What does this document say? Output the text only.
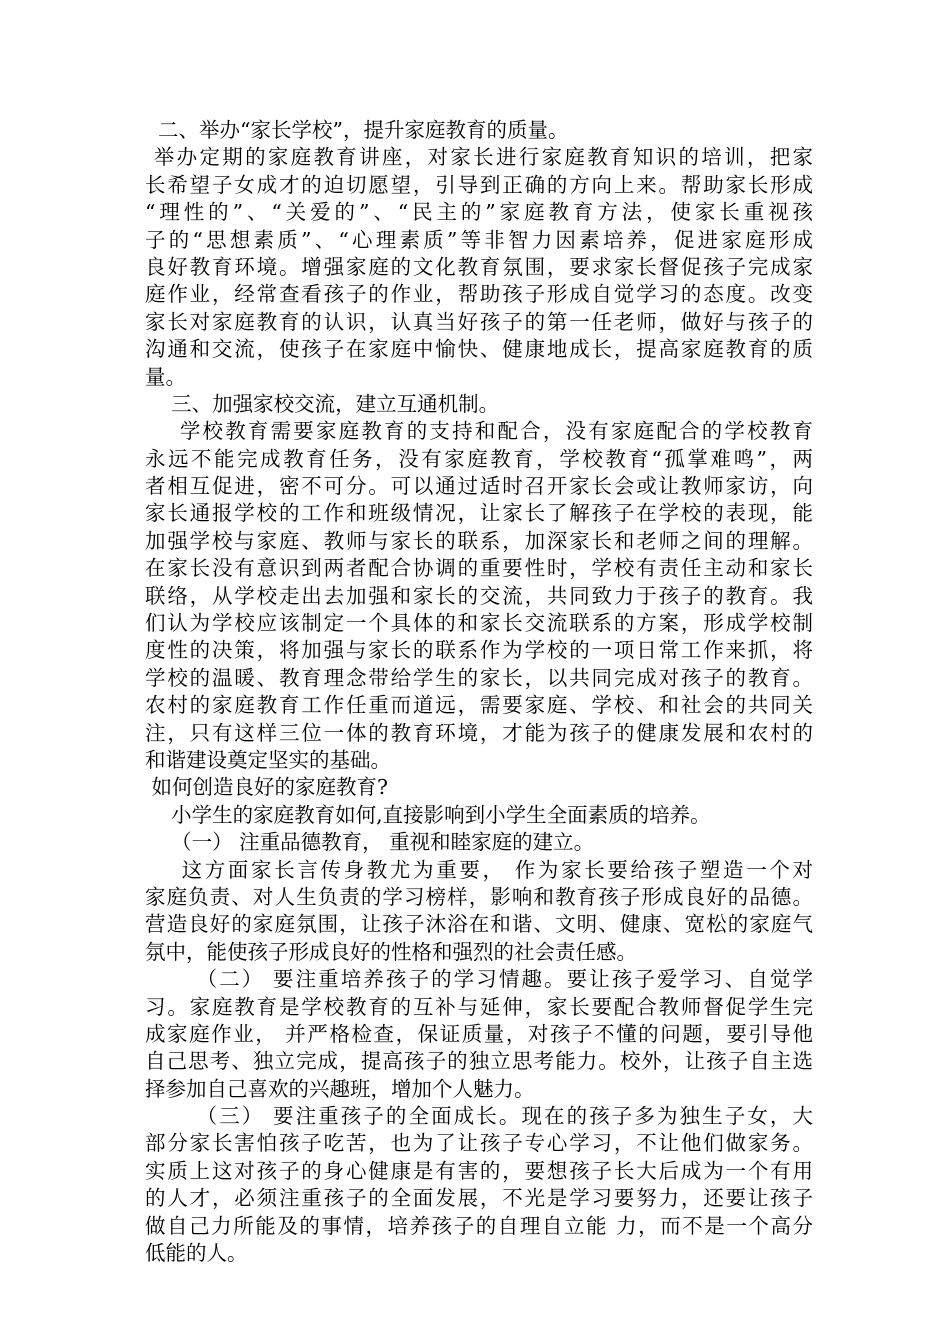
二、举办“家长学校”，提升家庭教育的质量。
举办定期的家庭教育讲座，对家长进行家庭教育知识的培训，把家
长希望子女成才的迫切愿望，引导到正确的方向上来。帮助家长形成
“理性的”、“关爱的”、“民主的”家庭教育方法，使家长重视孩
子的“思想素质”、“心理素质”等非智力因素培养，促进家庭形成
良好教育环境。增强家庭的文化教育氛围，要求家长督促孩子完成家
庭作业，经常查看孩子的作业，帮助孩子形成自觉学习的态度。改变
家长对家庭教育的认识，认真当好孩子的第一任老师，做好与孩子的
沟通和交流，使孩子在家庭中愉快、健康地成长，提高家庭教育的质
量。
三、加强家校交流，建立互通机制。
学校教育需要家庭教育的支持和配合，没有家庭配合的学校教育
永远不能完成教育任务，没有家庭教育，学校教育“孤掌难鸣”，两
者相互促进，密不可分。可以通过适时召开家长会或让教师家访，向
家长通报学校的工作和班级情况，让家长了解孩子在学校的表现，能
加强学校与家庭、教师与家长的联系，加深家长和老师之间的理解。
在家长没有意识到两者配合协调的重要性时，学校有责任主动和家长
联络，从学校走出去加强和家长的交流，共同致力于孩子的教育。我
们认为学校应该制定一个具体的和家长交流联系的方案，形成学校制
度性的决策，将加强与家长的联系作为学校的一项日常工作来抓，将
学校的温暖、教育理念带给学生的家长，以共同完成对孩子的教育。
农村的家庭教育工作任重而道远，需要家庭、学校、和社会的共同关
注，只有这样三位一体的教育环境，才能为孩子的健康发展和农村的
和谐建设奠定坚实的基础。
如何创造良好的家庭教育?
小学生的家庭教育如何,直接影响到小学生全面素质的培养。
（一） 注重品德教育， 重视和睦家庭的建立。
这方面家长言传身教尤为重要， 作为家长要给孩子塑造一个对
家庭负责、对人生负责的学习榜样，影响和教育孩子形成良好的品德。
营造良好的家庭氛围，让孩子沐浴在和谐、文明、健康、宽松的家庭气
氛中，能使孩子形成良好的性格和强烈的社会责任感。
（二） 要注重培养孩子的学习情趣。要让孩子爱学习、自觉学
习。家庭教育是学校教育的互补与延伸，家长要配合教师督促学生完
成家庭作业， 并严格检查，保证质量，对孩子不懂的问题，要引导他
自己思考、独立完成，提高孩子的独立思考能力。校外，让孩子自主选
择参加自己喜欢的兴趣班，增加个人魅力。
（三） 要注重孩子的全面成长。现在的孩子多为独生子女，大
部分家长害怕孩子吃苦，也为了让孩子专心学习，不让他们做家务。
实质上这对孩子的身心健康是有害的，要想孩子长大后成为一个有用
的人才，必须注重孩子的全面发展，不光是学习要努力，还要让孩子
做自己力所能及的事情，培养孩子的自理自立能 力，而不是一个高分
低能的人。
